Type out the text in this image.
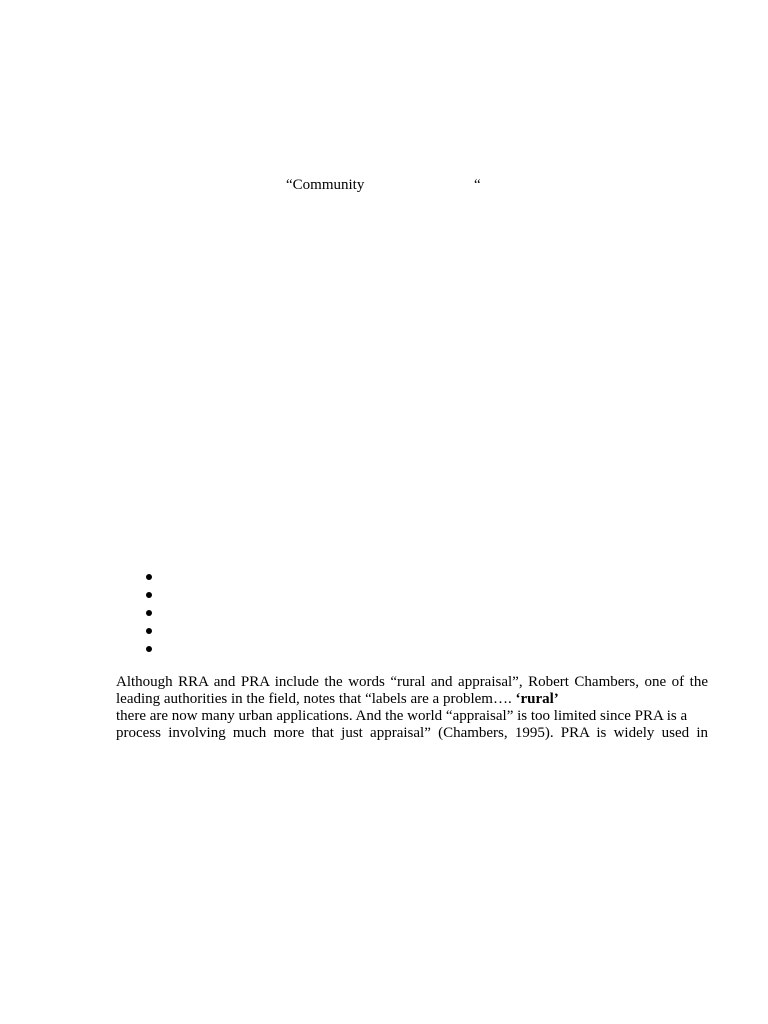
“Community	“
Although RRA and PRA include the words “rural and appraisal”, Robert Chambers, one of the
leading authorities in the field, notes that “labels are a problem…. ‘rural’
there are now many urban applications. And the world “appraisal” is too limited since PRA is a
process involving much more that just appraisal” (Chambers, 1995). PRA is widely used in
